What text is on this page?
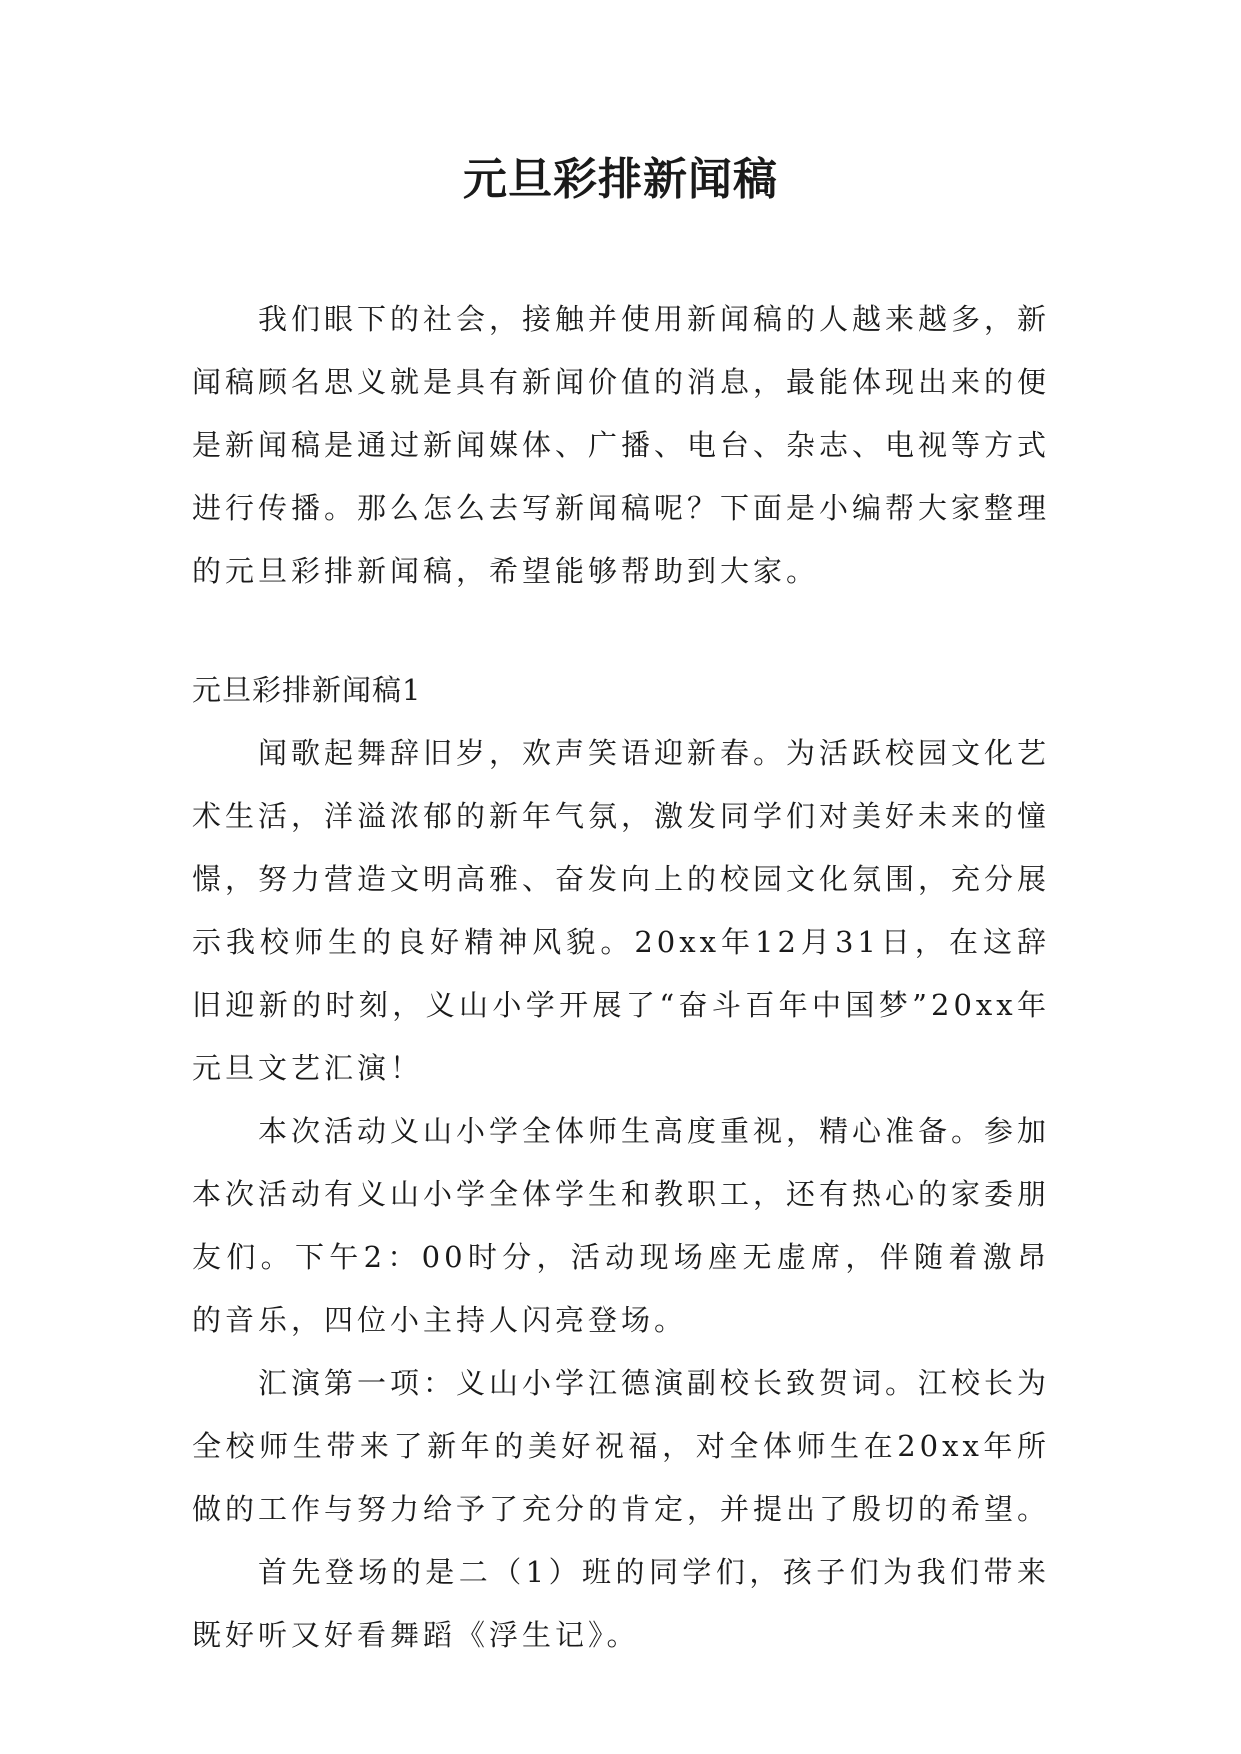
元旦彩排新闻稿

我们眼下的社会，接触并使用新闻稿的人越来越多，新闻稿顾名思义就是具有新闻价值的消息，最能体现出来的便是新闻稿是通过新闻媒体、广播、电台、杂志、电视等方式进行传播。那么怎么去写新闻稿呢？下面是小编帮大家整理的元旦彩排新闻稿，希望能够帮助到大家。

元旦彩排新闻稿1

闻歌起舞辞旧岁，欢声笑语迎新春。为活跃校园文化艺术生活，洋溢浓郁的新年气氛，激发同学们对美好未来的憧憬，努力营造文明高雅、奋发向上的校园文化氛围，充分展示我校师生的良好精神风貌。20xx年12月31日，在这辞旧迎新的时刻，义山小学开展了“奋斗百年中国梦”20xx年元旦文艺汇演！

本次活动义山小学全体师生高度重视，精心准备。参加本次活动有义山小学全体学生和教职工，还有热心的家委朋友们。下午2：00时分，活动现场座无虚席，伴随着激昂的音乐，四位小主持人闪亮登场。

汇演第一项：义山小学江德演副校长致贺词。江校长为全校师生带来了新年的美好祝福，对全体师生在20xx年所做的工作与努力给予了充分的肯定，并提出了殷切的希望。

首先登场的是二（1）班的同学们，孩子们为我们带来既好听又好看舞蹈《浮生记》。
